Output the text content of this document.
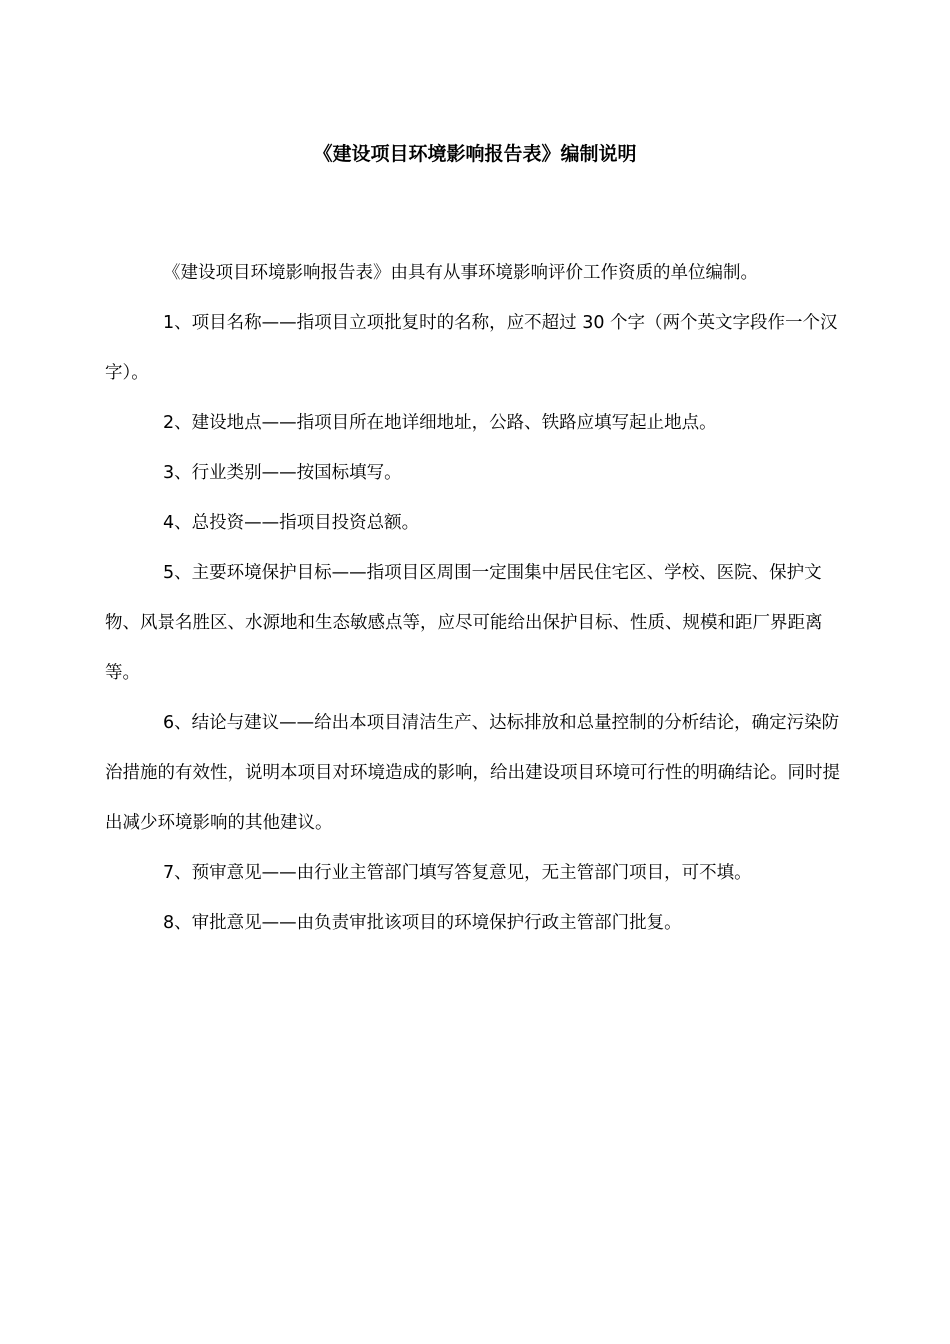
《建设项目环境影响报告表》编制说明

《建设项目环境影响报告表》由具有从事环境影响评价工作资质的单位编制。

1、项目名称——指项目立项批复时的名称，应不超过 30 个字（两个英文字段作一个汉字）。

2、建设地点——指项目所在地详细地址，公路、铁路应填写起止地点。

3、行业类别——按国标填写。

4、总投资——指项目投资总额。

5、主要环境保护目标——指项目区周围一定围集中居民住宅区、学校、医院、保护文物、风景名胜区、水源地和生态敏感点等，应尽可能给出保护目标、性质、规模和距厂界距离等。

6、结论与建议——给出本项目清洁生产、达标排放和总量控制的分析结论，确定污染防治措施的有效性，说明本项目对环境造成的影响，给出建设项目环境可行性的明确结论。同时提出减少环境影响的其他建议。

7、预审意见——由行业主管部门填写答复意见，无主管部门项目，可不填。

8、审批意见——由负责审批该项目的环境保护行政主管部门批复。
